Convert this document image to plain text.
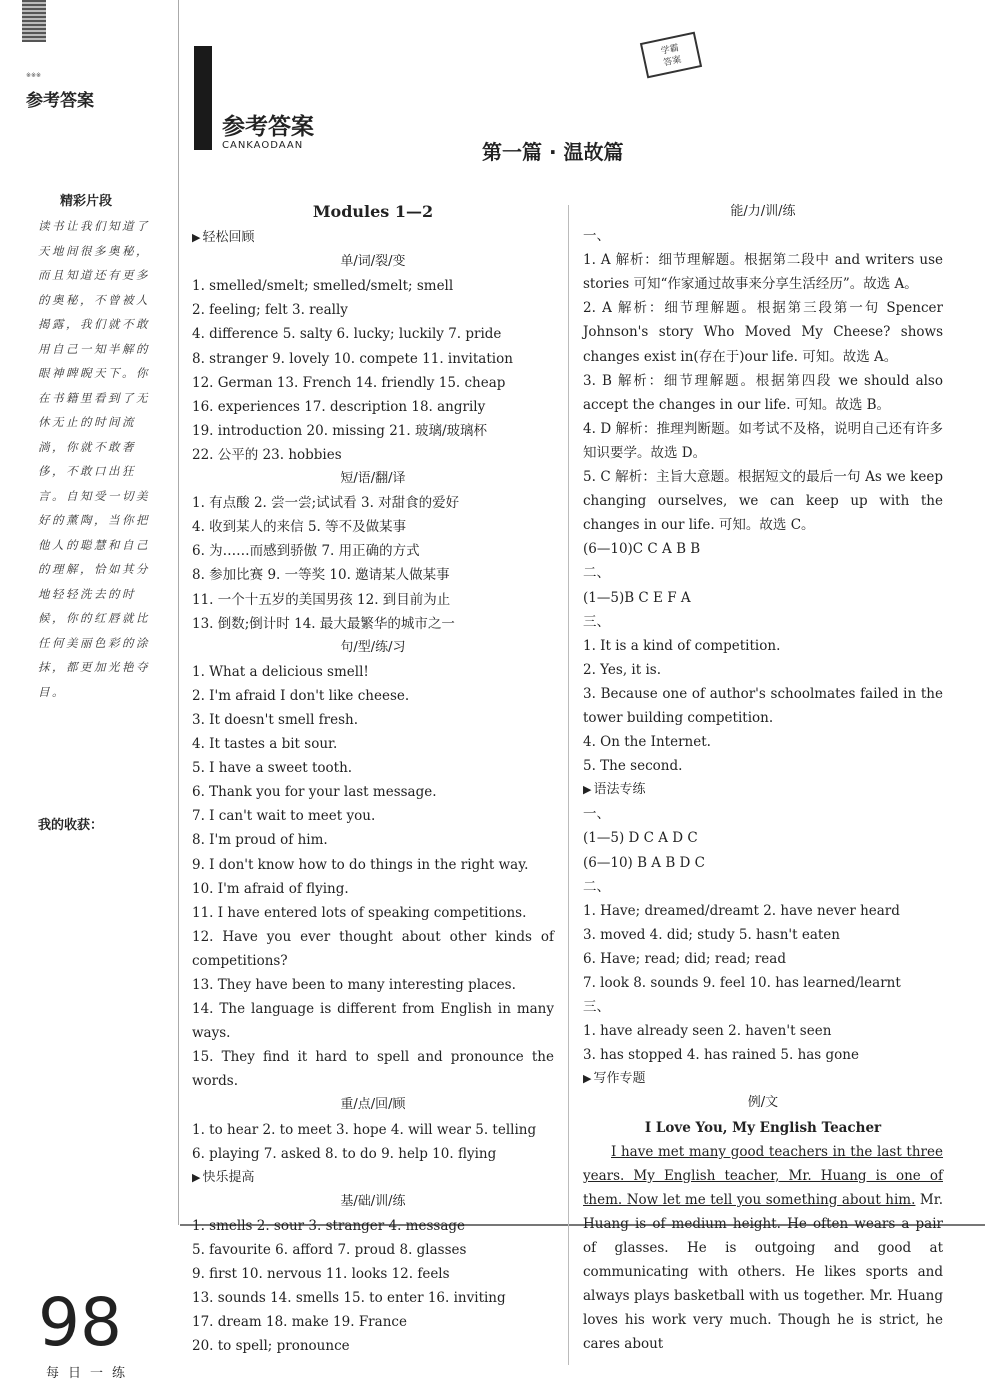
※※※
参考答案
精彩片段
读书让我们知道了天地间很多奥秘，而且知道还有更多的奥秘，不曾被人揭露，我们就不敢用自己一知半解的眼神睥睨天下。你在书籍里看到了无休无止的时间流淌，你就不敢奢侈，不敢口出狂言。自知受一切美好的薰陶，当你把他人的聪慧和自己的理解，恰如其分地轻轻洗去的时候，你的红唇就比任何美丽色彩的涂抹，都更加光艳夺目。
我的收获：
98
每日一练
参考答案
CANKAODAAN
学霸
答案
第一篇 · 温故篇
Modules 1—2
▶ 轻松回顾
单/词/裂/变
1. smelled/smelt; smelled/smelt; smell
2. feeling; felt 3. really
4. difference 5. salty 6. lucky; luckily 7. pride
8. stranger 9. lovely 10. compete 11. invitation
12. German 13. French 14. friendly 15. cheap
16. experiences 17. description 18. angrily
19. introduction 20. missing 21. 玻璃/玻璃杯
22. 公平的 23. hobbies
短/语/翻/译
1. 有点酸 2. 尝一尝;试试看 3. 对甜食的爱好
4. 收到某人的来信 5. 等不及做某事
6. 为……而感到骄傲 7. 用正确的方式
8. 参加比赛 9. 一等奖 10. 邀请某人做某事
11. 一个十五岁的美国男孩 12. 到目前为止
13. 倒数;倒计时 14. 最大最繁华的城市之一
句/型/练/习
1. What a delicious smell!
2. I'm afraid I don't like cheese.
3. It doesn't smell fresh.
4. It tastes a bit sour.
5. I have a sweet tooth.
6. Thank you for your last message.
7. I can't wait to meet you.
8. I'm proud of him.
9. I don't know how to do things in the right way.
10. I'm afraid of flying.
11. I have entered lots of speaking competitions.
12. Have you ever thought about other kinds of competitions?
13. They have been to many interesting places.
14. The language is different from English in many ways.
15. They find it hard to spell and pronounce the words.
重/点/回/顾
1. to hear 2. to meet 3. hope 4. will wear 5. telling
6. playing 7. asked 8. to do 9. help 10. flying
▶ 快乐提高
基/础/训/练
1. smells 2. sour 3. stranger 4. message
5. favourite 6. afford 7. proud 8. glasses
9. first 10. nervous 11. looks 12. feels
13. sounds 14. smells 15. to enter 16. inviting
17. dream 18. make 19. France
20. to spell; pronounce
能/力/训/练
一、
1. A 解析：细节理解题。根据第二段中 and writers use stories 可知“作家通过故事来分享生活经历”。故选 A。
2. A 解析：细节理解题。根据第三段第一句 Spencer Johnson's story Who Moved My Cheese? shows changes exist in(存在于)our life. 可知。故选 A。
3. B 解析：细节理解题。根据第四段 we should also accept the changes in our life. 可知。故选 B。
4. D 解析：推理判断题。如考试不及格，说明自己还有许多知识要学。故选 D。
5. C 解析：主旨大意题。根据短文的最后一句 As we keep changing ourselves, we can keep up with the changes in our life. 可知。故选 C。
(6—10)C C A B B
二、
(1—5)B C E F A
三、
1. It is a kind of competition.
2. Yes, it is.
3. Because one of author's schoolmates failed in the tower building competition.
4. On the Internet.
5. The second.
▶ 语法专练
一、
(1—5) D C A D C
(6—10) B A B D C
二、
1. Have; dreamed/dreamt 2. have never heard
3. moved 4. did; study 5. hasn't eaten
6. Have; read; did; read; read
7. look 8. sounds 9. feel 10. has learned/learnt
三、
1. have already seen 2. haven't seen
3. has stopped 4. has rained 5. has gone
▶ 写作专题
例/文
I Love You, My English Teacher
I have met many good teachers in the last three years. My English teacher, Mr. Huang is one of them. Now let me tell you something about him. Mr. Huang is of medium height. He often wears a pair of glasses. He is outgoing and good at communicating with others. He likes sports and always plays basketball with us together. Mr. Huang loves his work very much. Though he is strict, he cares about
